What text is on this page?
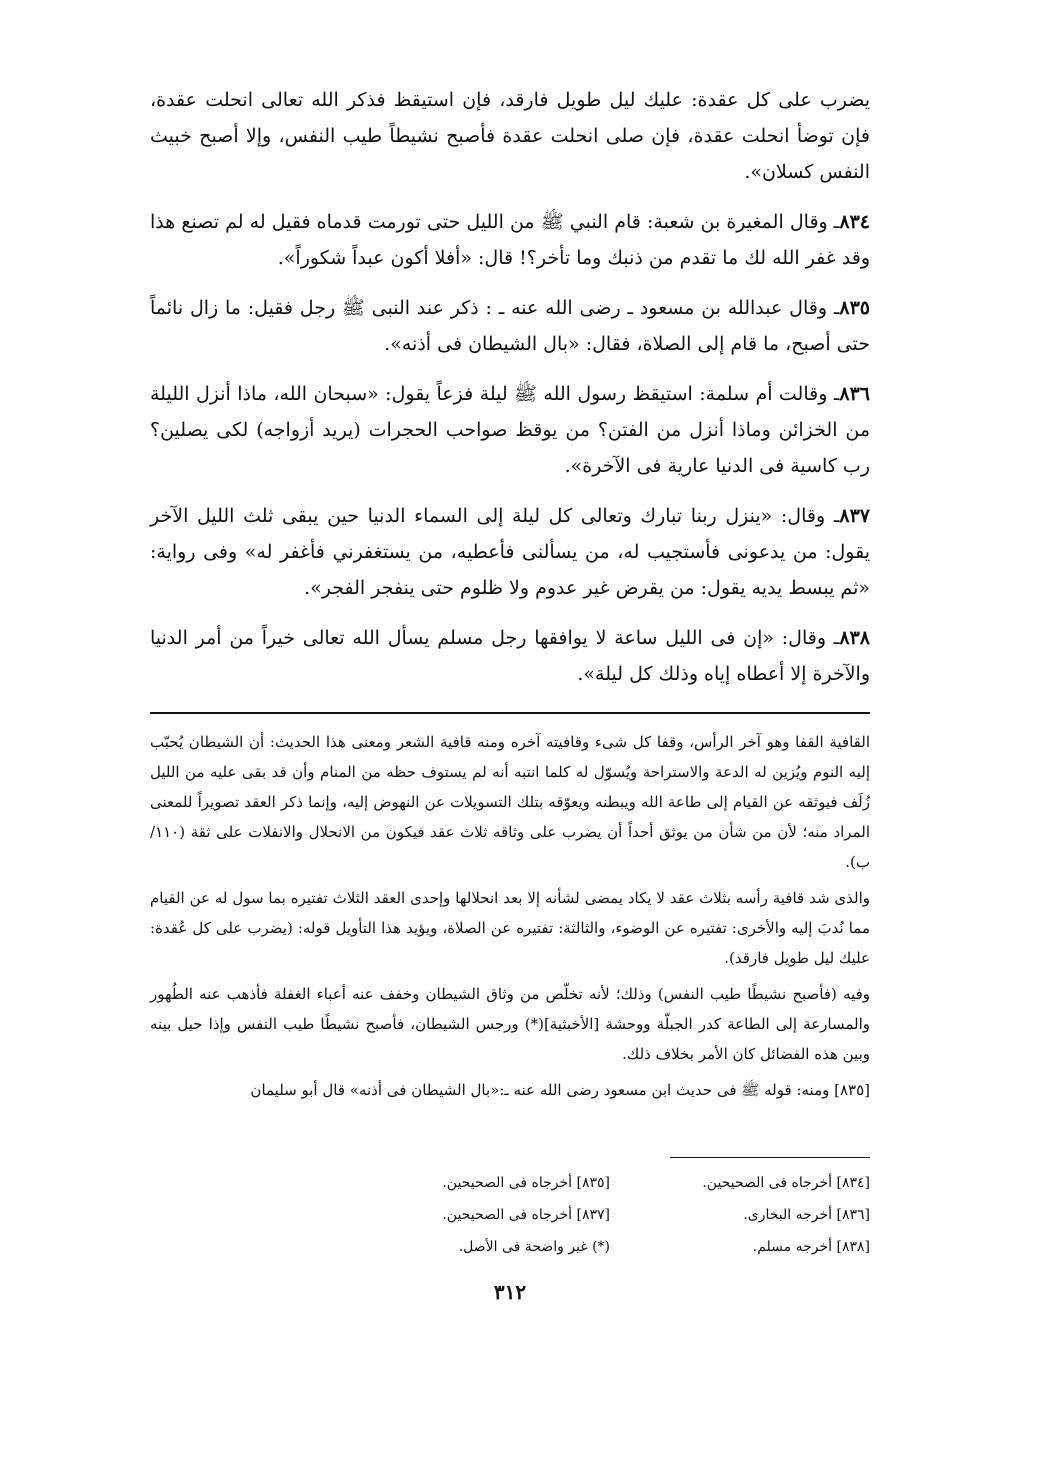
يضرب على كل عقدة: عليك ليل طويل فارقد، فإن استيقظ فذكر الله تعالى انحلت عقدة، فإن توضأ انحلت عقدة، فإن صلى انحلت عقدة فأصبح نشيطاً طيب النفس، وإلا أصبح خبيث النفس كسلان».

٨٣٤ـ وقال المغيرة بن شعبة: قام النبي ﷺ من الليل حتى تورمت قدماه فقيل له لم تصنع هذا وقد غفر الله لك ما تقدم من ذنبك وما تأخر؟! قال: «أفلا أكون عبداً شكوراً».

٨٣٥ـ وقال عبدالله بن مسعود ـ رضى الله عنه ـ : ذكر عند النبى ﷺ رجل فقيل: ما زال نائماً حتى أصبح، ما قام إلى الصلاة، فقال: «بال الشيطان فى أذنه».

٨٣٦ـ وقالت أم سلمة: استيقظ رسول الله ﷺ ليلة فزعاً يقول: «سبحان الله، ماذا أنزل الليلة من الخزائن وماذا أنزل من الفتن؟ من يوقظ صواحب الحجرات (يريد أزواجه) لكى يصلين؟ رب كاسية فى الدنيا عارية فى الآخرة».

٨٣٧ـ وقال: «ينزل ربنا تبارك وتعالى كل ليلة إلى السماء الدنيا حين يبقى ثلث الليل الآخر يقول: من يدعونى فأستجيب له، من يسألنى فأعطيه، من يستغفرني فأغفر له» وفى رواية: «ثم يبسط يديه يقول: من يقرض غير عدوم ولا ظلوم حتى ينفجر الفجر».

٨٣٨ـ وقال: «إن فى الليل ساعة لا يوافقها رجل مسلم يسأل الله تعالى خيراً من أمر الدنيا والآخرة إلا أعطاه إياه وذلك كل ليلة».

القافية القفا وهو آخر الرأس، وقفا كل شىء وقافيته آخره ومنه قافية الشعر ومعنى هذا الحديث: أن الشيطان يُحبّب إليه النوم ويُزين له الدعة والاستراحة ويُسوّل له كلما انتبه أنه لم يستوف حظه من المنام وأن قد بقى عليه من الليل زُلَف فيوثقه عن القيام إلى طاعة الله ويبطنه ويعوّقه بتلك التسويلات عن النهوض إليه، وإنما ذكر العقد تصويراً للمعنى المراد منه؛ لأن من شأن من يوثق أحداً أن يضرب على وثاقه ثلاث عقد فيكون من الانحلال والانفلات على ثقة (١١٠/ب).

والذى شد قافية رأسه بثلاث عقد لا يكاد يمضى لشأنه إلا بعد انحلالها وإحدى العقد الثلاث تفتيره بما سول له عن القيام مما نُدبَ إليه والأخرى: تفتيره عن الوضوء، والثالثة: تفتيره عن الصلاة، ويؤيد هذا التأويل قوله: (يضرب على كل عُقدة: عليك ليل طويل فارقد).

وفيه (فأصبح نشيطًا طيب النفس) وذلك؛ لأنه تخلّص من وثاق الشيطان وخفف عنه أعباء الغفلة فأذهب عنه الطُهور والمسارعة إلى الطاعة كدر الجبلّة ووحشة [الأخبثية](*) ورجس الشيطان، فأصبح نشيطًا طيب النفس وإذا حيل بينه وبين هذه الفضائل كان الأمر بخلاف ذلك.

[٨٣٥] ومنه: قوله ﷺ فى حديث ابن مسعود رضى الله عنه ـ:«بال الشيطان فى أذنه» قال أبو سليمان

[٨٣٤] أخرجاه فى الصحيحين.
[٨٣٥] أخرجاه فى الصحيحين.
[٨٣٦] أخرجه البخارى.
[٨٣٧] أخرجاه فى الصحيحين.
[٨٣٨] أخرجه مسلم.
(*) غير واضحة فى الأصل.
٣١٢
